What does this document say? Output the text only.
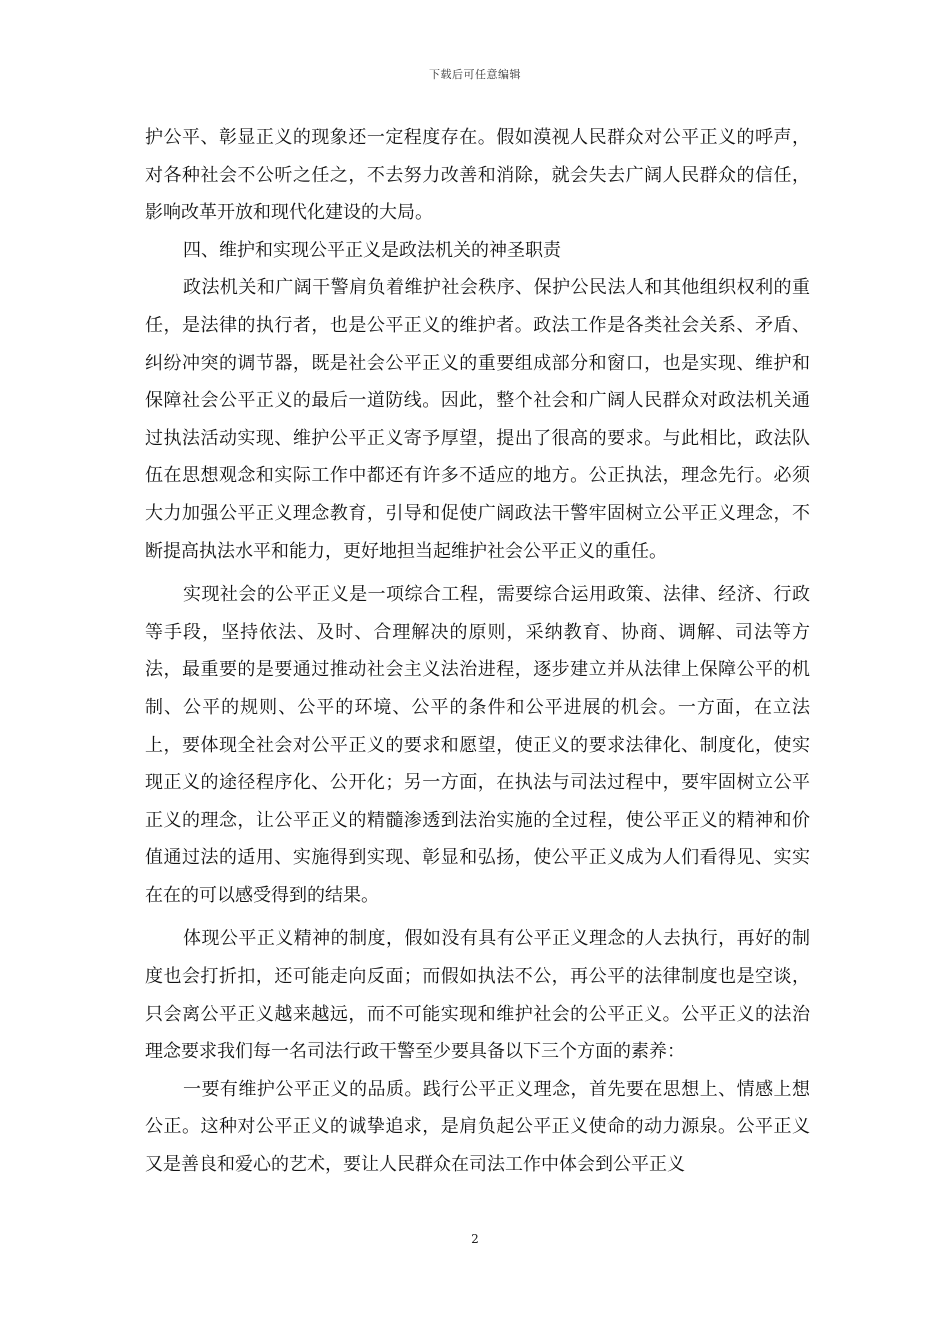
下载后可任意编辑

护公平、彰显正义的现象还一定程度存在。假如漠视人民群众对公平正义的呼声，对各种社会不公听之任之，不去努力改善和消除，就会失去广阔人民群众的信任，影响改革开放和现代化建设的大局。

四、维护和实现公平正义是政法机关的神圣职责

政法机关和广阔干警肩负着维护社会秩序、保护公民法人和其他组织权利的重任，是法律的执行者，也是公平正义的维护者。政法工作是各类社会关系、矛盾、纠纷冲突的调节器，既是社会公平正义的重要组成部分和窗口，也是实现、维护和保障社会公平正义的最后一道防线。因此，整个社会和广阔人民群众对政法机关通过执法活动实现、维护公平正义寄予厚望，提出了很高的要求。与此相比，政法队伍在思想观念和实际工作中都还有许多不适应的地方。公正执法，理念先行。必须大力加强公平正义理念教育，引导和促使广阔政法干警牢固树立公平正义理念，不断提高执法水平和能力，更好地担当起维护社会公平正义的重任。

实现社会的公平正义是一项综合工程，需要综合运用政策、法律、经济、行政等手段，坚持依法、及时、合理解决的原则，采纳教育、协商、调解、司法等方法，最重要的是要通过推动社会主义法治进程，逐步建立并从法律上保障公平的机制、公平的规则、公平的环境、公平的条件和公平进展的机会。一方面，在立法上，要体现全社会对公平正义的要求和愿望，使正义的要求法律化、制度化，使实现正义的途径程序化、公开化；另一方面，在执法与司法过程中，要牢固树立公平正义的理念，让公平正义的精髓渗透到法治实施的全过程，使公平正义的精神和价值通过法的适用、实施得到实现、彰显和弘扬，使公平正义成为人们看得见、实实在在的可以感受得到的结果。

体现公平正义精神的制度，假如没有具有公平正义理念的人去执行，再好的制度也会打折扣，还可能走向反面；而假如执法不公，再公平的法律制度也是空谈，只会离公平正义越来越远，而不可能实现和维护社会的公平正义。公平正义的法治理念要求我们每一名司法行政干警至少要具备以下三个方面的素养：

一要有维护公平正义的品质。践行公平正义理念，首先要在思想上、情感上想公正。这种对公平正义的诚挚追求，是肩负起公平正义使命的动力源泉。公平正义又是善良和爱心的艺术，要让人民群众在司法工作中体会到公平正义

2
